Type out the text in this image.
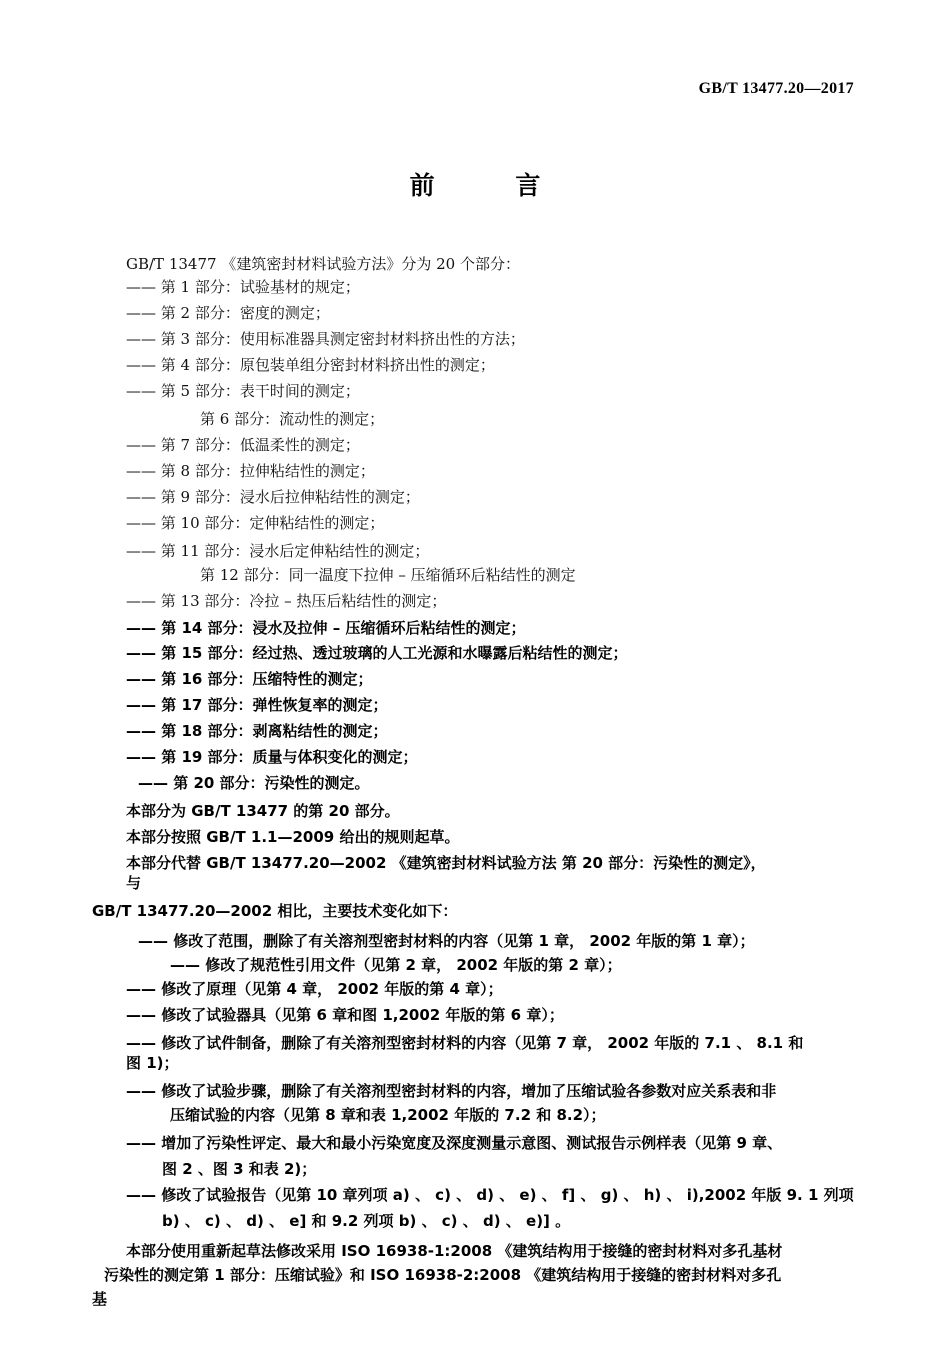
GB/T 13477.20—2017
前 言
GB/T 13477 《建筑密封材料试验方法》分为 20 个部分：
—— 第 1 部分：试验基材的规定；
—— 第 2 部分：密度的测定；
—— 第 3 部分：使用标准器具测定密封材料挤出性的方法；
—— 第 4 部分：原包装单组分密封材料挤出性的测定；
—— 第 5 部分：表干时间的测定；
第 6 部分：流动性的测定；
—— 第 7 部分：低温柔性的测定；
—— 第 8 部分：拉伸粘结性的测定；
—— 第 9 部分：浸水后拉伸粘结性的测定；
—— 第 10 部分：定伸粘结性的测定；
—— 第 11 部分：浸水后定伸粘结性的测定；
第 12 部分：同一温度下拉伸 – 压缩循环后粘结性的测定
—— 第 13 部分：冷拉 – 热压后粘结性的测定；
—— 第 14 部分：浸水及拉伸 – 压缩循环后粘结性的测定；
—— 第 15 部分：经过热、透过玻璃的人工光源和水曝露后粘结性的测定；
—— 第 16 部分：压缩特性的测定；
—— 第 17 部分：弹性恢复率的测定；
—— 第 18 部分：剥离粘结性的测定；
—— 第 19 部分：质量与体积变化的测定；
—— 第 20 部分：污染性的测定。
本部分为 GB/T 13477 的第 20 部分。
本部分按照 GB/T 1.1—2009 给出的规则起草。
本部分代替 GB/T 13477.20—2002 《建筑密封材料试验方法 第 20 部分：污染性的测定》，
与
GB/T 13477.20—2002 相比，主要技术变化如下：
—— 修改了范围，删除了有关溶剂型密封材料的内容（见第 1 章， 2002 年版的第 1 章）；
—— 修改了规范性引用文件（见第 2 章， 2002 年版的第 2 章）；
—— 修改了原理（见第 4 章， 2002 年版的第 4 章）；
—— 修改了试验器具（见第 6 章和图 1,2002 年版的第 6 章）；
—— 修改了试件制备，删除了有关溶剂型密封材料的内容（见第 7 章， 2002 年版的 7.1 、 8.1 和
图 1)；
—— 修改了试验步骤，删除了有关溶剂型密封材料的内容，增加了压缩试验各参数对应关系表和非
压缩试验的内容（见第 8 章和表 1,2002 年版的 7.2 和 8.2）；
—— 增加了污染性评定、最大和最小污染宽度及深度测量示意图、测试报告示例样表（见第 9 章、
图 2 、图 3 和表 2)；
—— 修改了试验报告（见第 10 章列项 a) 、 c) 、 d) 、 e) 、 f] 、 g) 、 h) 、 i),2002 年版 9. 1 列项
b) 、 c) 、 d) 、 e] 和 9.2 列项 b) 、 c) 、 d) 、 e)] 。
本部分使用重新起草法修改采用 ISO 16938-1:2008 《建筑结构用于接缝的密封材料对多孔基材
污染性的测定第 1 部分：压缩试验》和 ISO 16938-2:2008 《建筑结构用于接缝的密封材料对多孔
基
